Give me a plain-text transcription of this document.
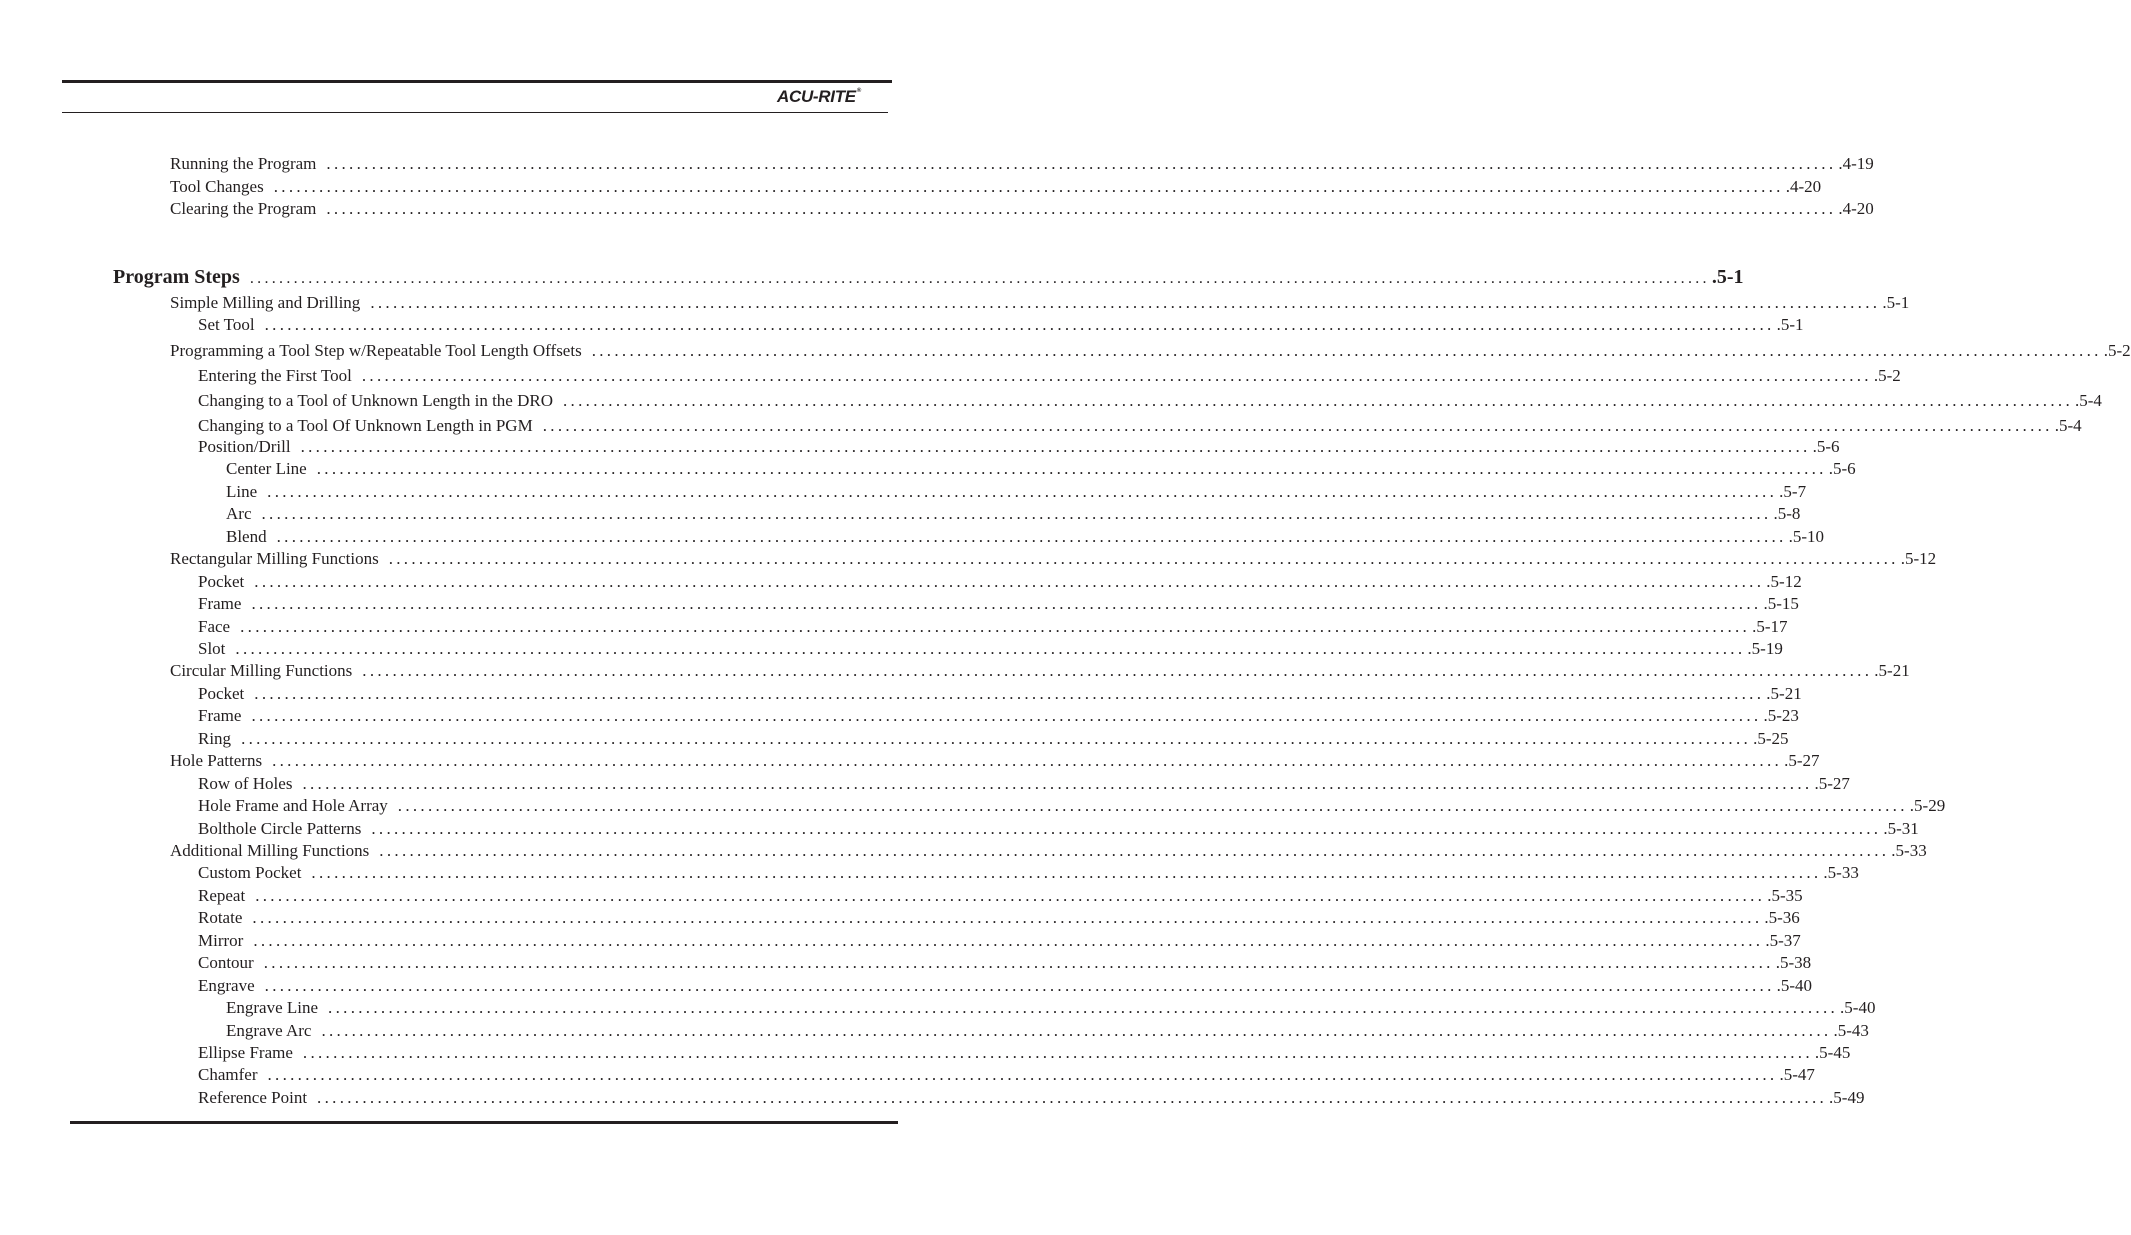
ACU-RITE®
Running the Program ........................................................................................................................................................................................................ .4-19
Tool Changes ........................................................................................................................................................................................................ .4-20
Clearing the Program ........................................................................................................................................................................................................ .4-20
Program Steps ........................................................................................................................................................................................................ .5-1
Simple Milling and Drilling ........................................................................................................................................................................................................ .5-1
Set Tool ........................................................................................................................................................................................................ .5-1
Programming a Tool Step w/Repeatable Tool Length Offsets ........................................................................................................................................................................................................ .5-2
Entering the First Tool ........................................................................................................................................................................................................ .5-2
Changing to a Tool of Unknown Length in the DRO ........................................................................................................................................................................................................ .5-4
Changing to a Tool Of Unknown Length in PGM ........................................................................................................................................................................................................ .5-4
Position/Drill ........................................................................................................................................................................................................ .5-6
Center Line ........................................................................................................................................................................................................ .5-6
Line ........................................................................................................................................................................................................ .5-7
Arc ........................................................................................................................................................................................................ .5-8
Blend ........................................................................................................................................................................................................ .5-10
Rectangular Milling Functions ........................................................................................................................................................................................................ .5-12
Pocket ........................................................................................................................................................................................................ .5-12
Frame ........................................................................................................................................................................................................ .5-15
Face ........................................................................................................................................................................................................ .5-17
Slot ........................................................................................................................................................................................................ .5-19
Circular Milling Functions ........................................................................................................................................................................................................ .5-21
Pocket ........................................................................................................................................................................................................ .5-21
Frame ........................................................................................................................................................................................................ .5-23
Ring ........................................................................................................................................................................................................ .5-25
Hole Patterns ........................................................................................................................................................................................................ .5-27
Row of Holes ........................................................................................................................................................................................................ .5-27
Hole Frame and Hole Array ........................................................................................................................................................................................................ .5-29
Bolthole Circle Patterns ........................................................................................................................................................................................................ .5-31
Additional Milling Functions ........................................................................................................................................................................................................ .5-33
Custom Pocket ........................................................................................................................................................................................................ .5-33
Repeat ........................................................................................................................................................................................................ .5-35
Rotate ........................................................................................................................................................................................................ .5-36
Mirror ........................................................................................................................................................................................................ .5-37
Contour ........................................................................................................................................................................................................ .5-38
Engrave ........................................................................................................................................................................................................ .5-40
Engrave Line ........................................................................................................................................................................................................ .5-40
Engrave Arc ........................................................................................................................................................................................................ .5-43
Ellipse Frame ........................................................................................................................................................................................................ .5-45
Chamfer ........................................................................................................................................................................................................ .5-47
Reference Point ........................................................................................................................................................................................................ .5-49
